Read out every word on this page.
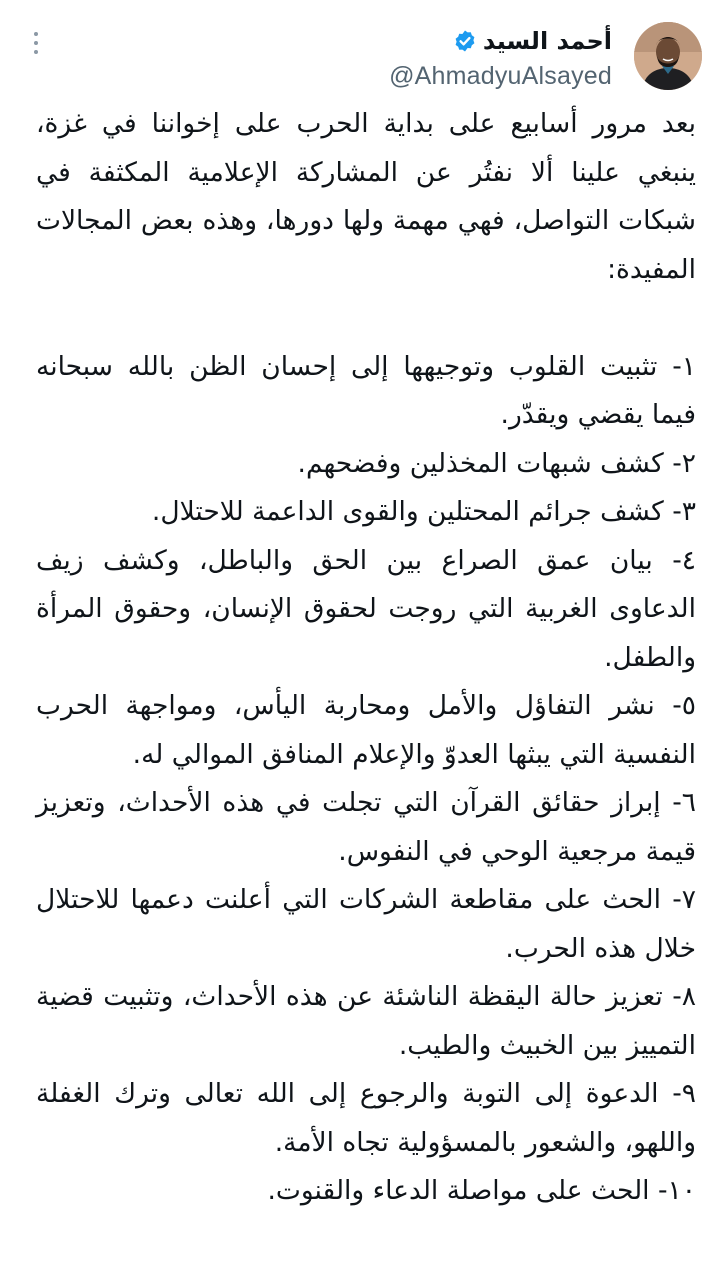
أحمد السيد
@AhmadyuAlsayed

بعد مرور أسابيع على بداية الحرب على إخواننا في غزة، ينبغي علينا ألا نفتُر عن المشاركة الإعلامية المكثفة في شبكات التواصل، فهي مهمة ولها دورها، وهذه بعض المجالات المفيدة:

١- تثبيت القلوب وتوجيهها إلى إحسان الظن بالله سبحانه فيما يقضي ويقدّر.

٢- كشف شبهات المخذلين وفضحهم.

٣- كشف جرائم المحتلين والقوى الداعمة للاحتلال.

٤- بيان عمق الصراع بين الحق والباطل، وكشف زيف الدعاوى الغربية التي روجت لحقوق الإنسان، وحقوق المرأة والطفل.

٥- نشر التفاؤل والأمل ومحاربة اليأس، ومواجهة الحرب النفسية التي يبثها العدوّ والإعلام المنافق الموالي له.

٦- إبراز حقائق القرآن التي تجلت في هذه الأحداث، وتعزيز قيمة مرجعية الوحي في النفوس.

٧- الحث على مقاطعة الشركات التي أعلنت دعمها للاحتلال خلال هذه الحرب.

٨- تعزيز حالة اليقظة الناشئة عن هذه الأحداث، وتثبيت قضية التمييز بين الخبيث والطيب.

٩- الدعوة إلى التوبة والرجوع إلى الله تعالى وترك الغفلة واللهو، والشعور بالمسؤولية تجاه الأمة.

١٠- الحث على مواصلة الدعاء والقنوت.
